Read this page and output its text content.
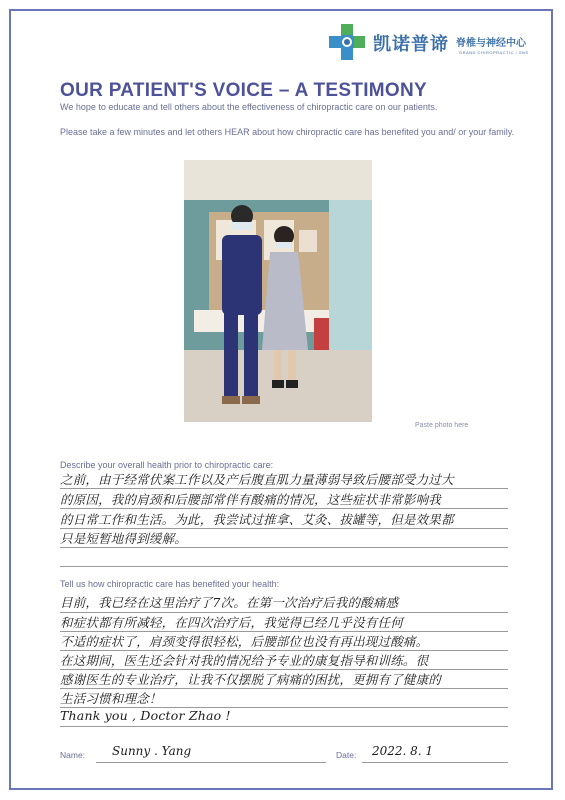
凯诺普谛 脊椎与神经中心
GRAND CHIROPRACTIC / SNS
OUR PATIENT'S VOICE – A TESTIMONY
We hope to educate and tell others about the effectiveness of chiropractic care on our patients.
Please take a few minutes and let others HEAR about how chiropractic care has benefited you and/ or your family.
Paste photo here
Describe your overall health prior to chiropractic care:
之前，由于经常伏案工作以及产后腹直肌力量薄弱导致后腰部受力过大
的原因，我的肩颈和后腰部常伴有酸痛的情况，这些症状非常影响我
的日常工作和生活。为此，我尝试过推拿、艾灸、拔罐等，但是效果都
只是短暂地得到缓解。
Tell us how chiropractic care has benefited your health:
目前，我已经在这里治疗了7次。在第一次治疗后我的酸痛感
和症状都有所减轻，在四次治疗后，我觉得已经几乎没有任何
不适的症状了，肩颈变得很轻松，后腰部位也没有再出现过酸痛。
在这期间，医生还会针对我的情况给予专业的康复指导和训练。很
感谢医生的专业治疗，让我不仅摆脱了病痛的困扰，更拥有了健康的
生活习惯和理念！
Thank you , Doctor Zhao !
Name: Sunny . Yang	Date: 2022. 8. 1
